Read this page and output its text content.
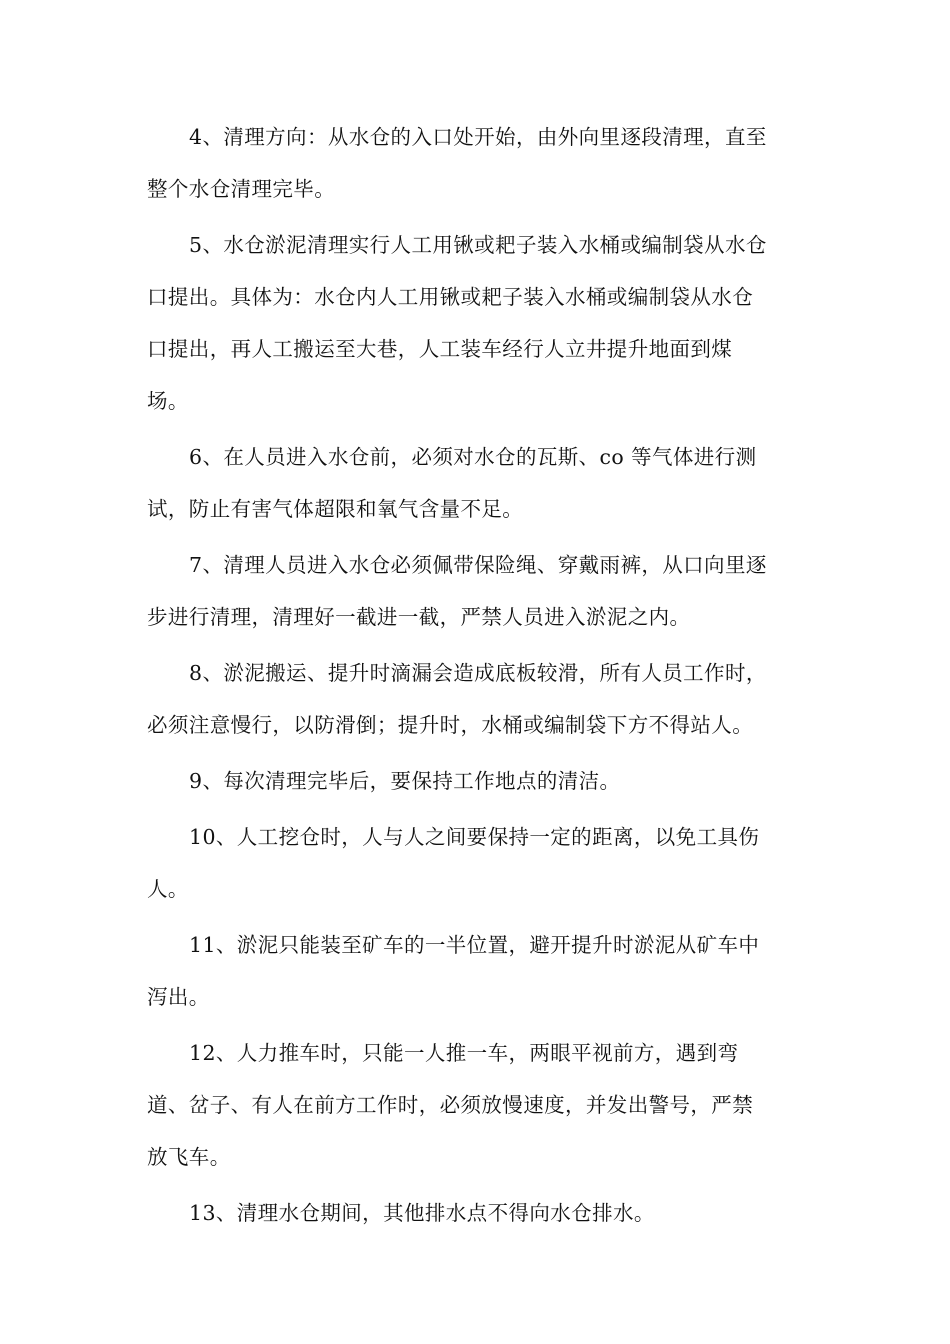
4、清理方向：从水仓的入口处开始，由外向里逐段清理，直至
整个水仓清理完毕。

5、水仓淤泥清理实行人工用锹或耙子装入水桶或编制袋从水仓
口提出。具体为：水仓内人工用锹或耙子装入水桶或编制袋从水仓
口提出，再人工搬运至大巷，人工装车经行人立井提升地面到煤
场。

6、在人员进入水仓前，必须对水仓的瓦斯、co 等气体进行测
试，防止有害气体超限和氧气含量不足。

7、清理人员进入水仓必须佩带保险绳、穿戴雨裤，从口向里逐
步进行清理，清理好一截进一截，严禁人员进入淤泥之内。

8、淤泥搬运、提升时滴漏会造成底板较滑，所有人员工作时，
必须注意慢行，以防滑倒；提升时，水桶或编制袋下方不得站人。

9、每次清理完毕后，要保持工作地点的清洁。

10、人工挖仓时，人与人之间要保持一定的距离，以免工具伤
人。

11、淤泥只能装至矿车的一半位置，避开提升时淤泥从矿车中
泻出。

12、人力推车时，只能一人推一车，两眼平视前方，遇到弯
道、岔子、有人在前方工作时，必须放慢速度，并发出警号，严禁
放飞车。

13、清理水仓期间，其他排水点不得向水仓排水。
